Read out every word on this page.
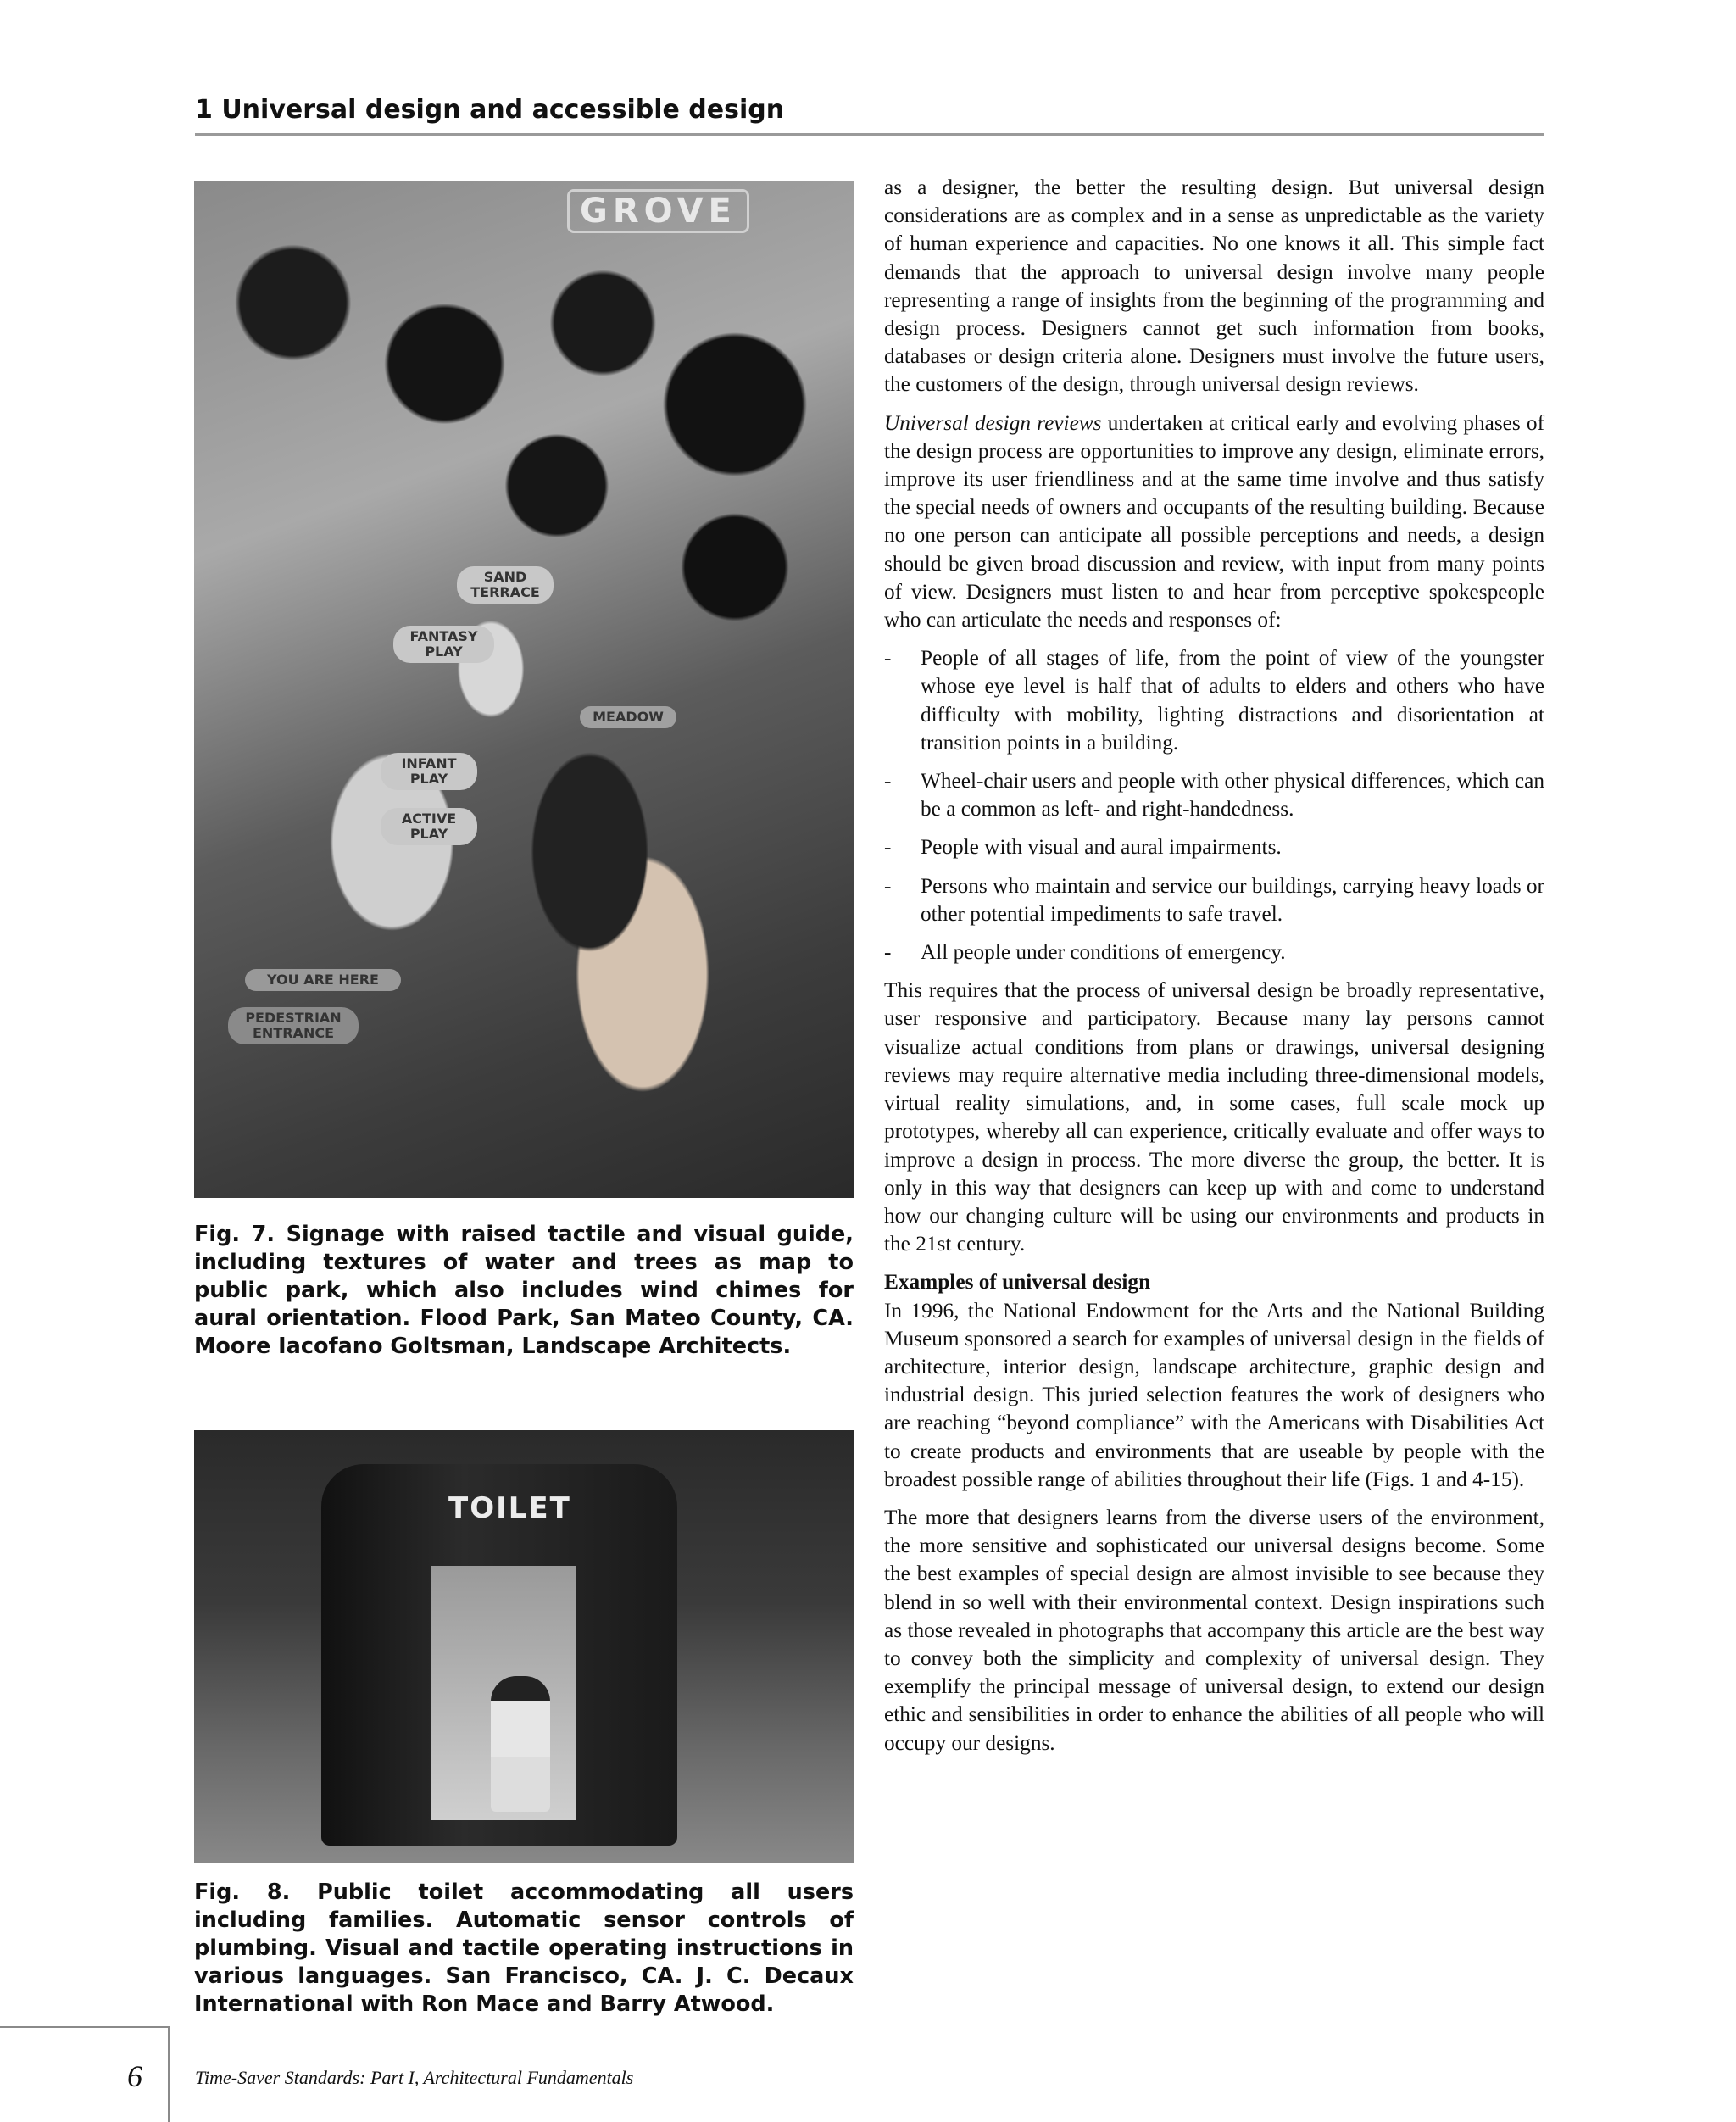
1 Universal design and accessible design
GROVE
SAND TERRACE
FANTASY PLAY
MEADOW
INFANT PLAY
ACTIVE PLAY
YOU ARE HERE
PEDESTRIAN ENTRANCE
Fig. 7. Signage with raised tactile and visual guide, including textures of water and trees as map to public park, which also includes wind chimes for aural orientation. Flood Park, San Mateo County, CA. Moore Iacofano Goltsman, Landscape Architects.
TOILET
Fig. 8. Public toilet accommodating all users including families. Automatic sensor controls of plumbing. Visual and tactile operating instructions in various languages. San Francisco, CA. J. C. Decaux International with Ron Mace and Barry Atwood.

as a designer, the better the resulting design. But universal design considerations are as complex and in a sense as unpredictable as the variety of human experience and capacities. No one knows it all. This simple fact demands that the approach to universal design involve many people representing a range of insights from the beginning of the programming and design process. Designers cannot get such information from books, databases or design criteria alone. Designers must involve the future users, the customers of the design, through universal design reviews.

Universal design reviews undertaken at critical early and evolving phases of the design process are opportunities to improve any design, eliminate errors, improve its user friendliness and at the same time involve and thus satisfy the special needs of owners and occupants of the resulting building. Because no one person can anticipate all possible perceptions and needs, a design should be given broad discussion and review, with input from many points of view. Designers must listen to and hear from perceptive spokespeople who can articulate the needs and responses of:

- People of all stages of life, from the point of view of the youngster whose eye level is half that of adults to elders and others who have difficulty with mobility, lighting distractions and disorientation at transition points in a building.
- Wheel-chair users and people with other physical differences, which can be a common as left- and right-handedness.
- People with visual and aural impairments.
- Persons who maintain and service our buildings, carrying heavy loads or other potential impediments to safe travel.
- All people under conditions of emergency.

This requires that the process of universal design be broadly representative, user responsive and participatory. Because many lay persons cannot visualize actual conditions from plans or drawings, universal designing reviews may require alternative media including three-dimensional models, virtual reality simulations, and, in some cases, full scale mock up prototypes, whereby all can experience, critically evaluate and offer ways to improve a design in process. The more diverse the group, the better. It is only in this way that designers can keep up with and come to understand how our changing culture will be using our environments and products in the 21st century.

Examples of universal design

In 1996, the National Endowment for the Arts and the National Building Museum sponsored a search for examples of universal design in the fields of architecture, interior design, landscape architecture, graphic design and industrial design. This juried selection features the work of designers who are reaching “beyond compliance” with the Americans with Disabilities Act to create products and environments that are useable by people with the broadest possible range of abilities throughout their life (Figs. 1 and 4-15).

The more that designers learns from the diverse users of the environment, the more sensitive and sophisticated our universal designs become. Some the best examples of special design are almost invisible to see because they blend in so well with their environmental context. Design inspirations such as those revealed in photographs that accompany this article are the best way to convey both the simplicity and complexity of universal design. They exemplify the principal message of universal design, to extend our design ethic and sensibilities in order to enhance the abilities of all people who will occupy our designs.

6	Time-Saver Standards: Part I, Architectural Fundamentals
